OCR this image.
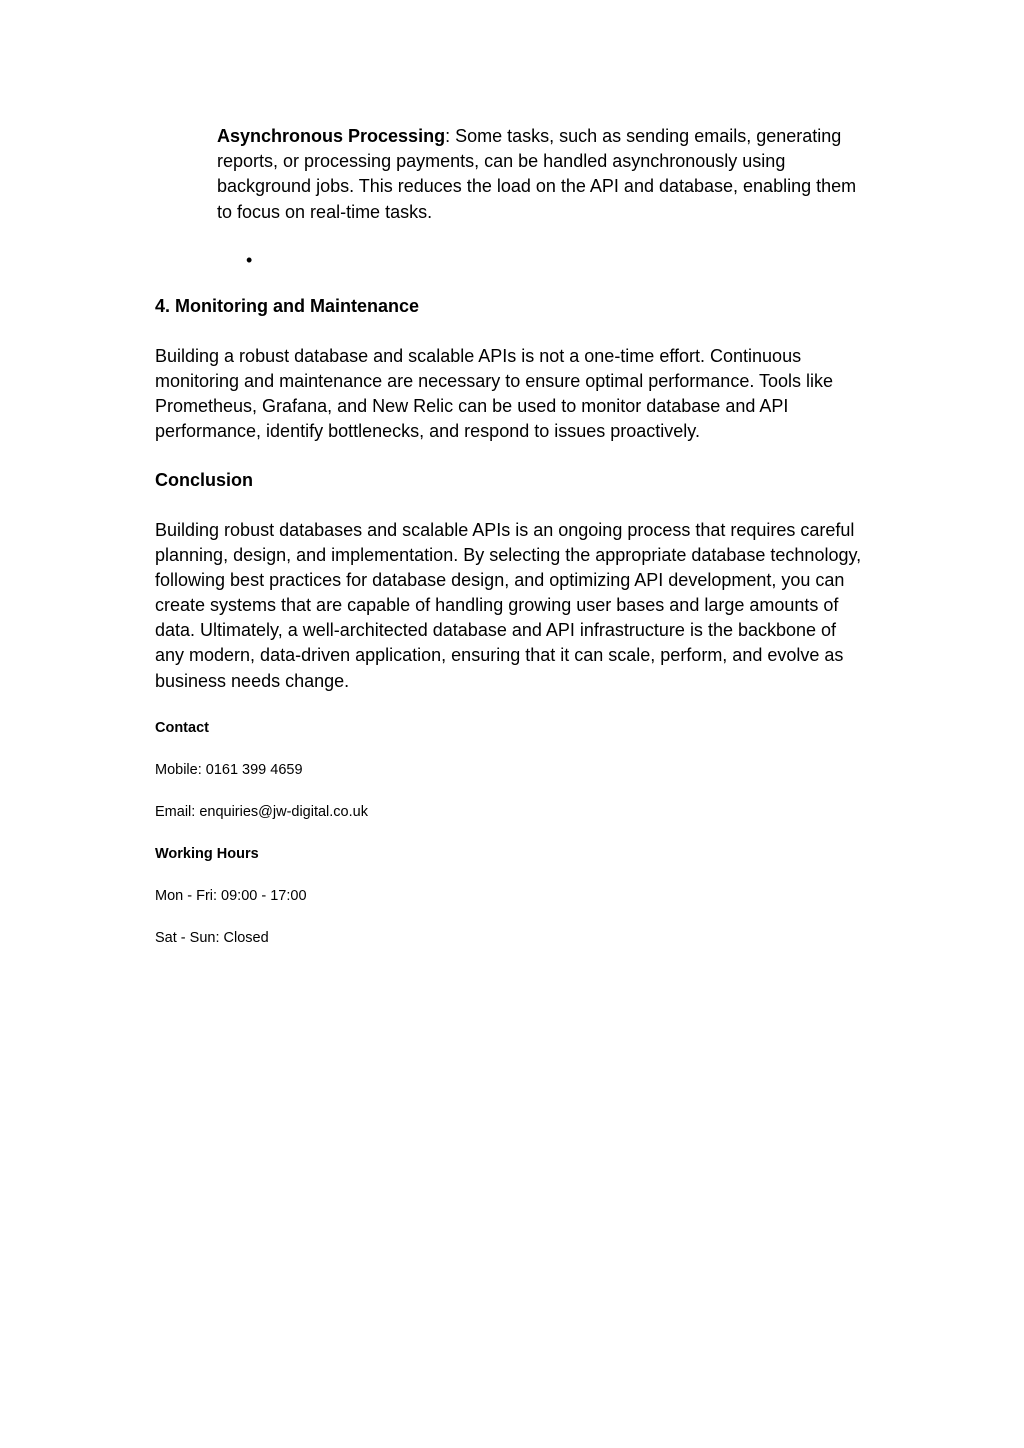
Asynchronous Processing: Some tasks, such as sending emails, generating reports, or processing payments, can be handled asynchronously using background jobs. This reduces the load on the API and database, enabling them to focus on real-time tasks.

•
4. Monitoring and Maintenance

Building a robust database and scalable APIs is not a one-time effort. Continuous monitoring and maintenance are necessary to ensure optimal performance. Tools like Prometheus, Grafana, and New Relic can be used to monitor database and API performance, identify bottlenecks, and respond to issues proactively.

Conclusion

Building robust databases and scalable APIs is an ongoing process that requires careful planning, design, and implementation. By selecting the appropriate database technology, following best practices for database design, and optimizing API development, you can create systems that are capable of handling growing user bases and large amounts of data. Ultimately, a well-architected database and API infrastructure is the backbone of any modern, data-driven application, ensuring that it can scale, perform, and evolve as business needs change.

Contact

Mobile: 0161 399 4659

Email: enquiries@jw-digital.co.uk

Working Hours

Mon - Fri: 09:00 - 17:00

Sat - Sun: Closed
